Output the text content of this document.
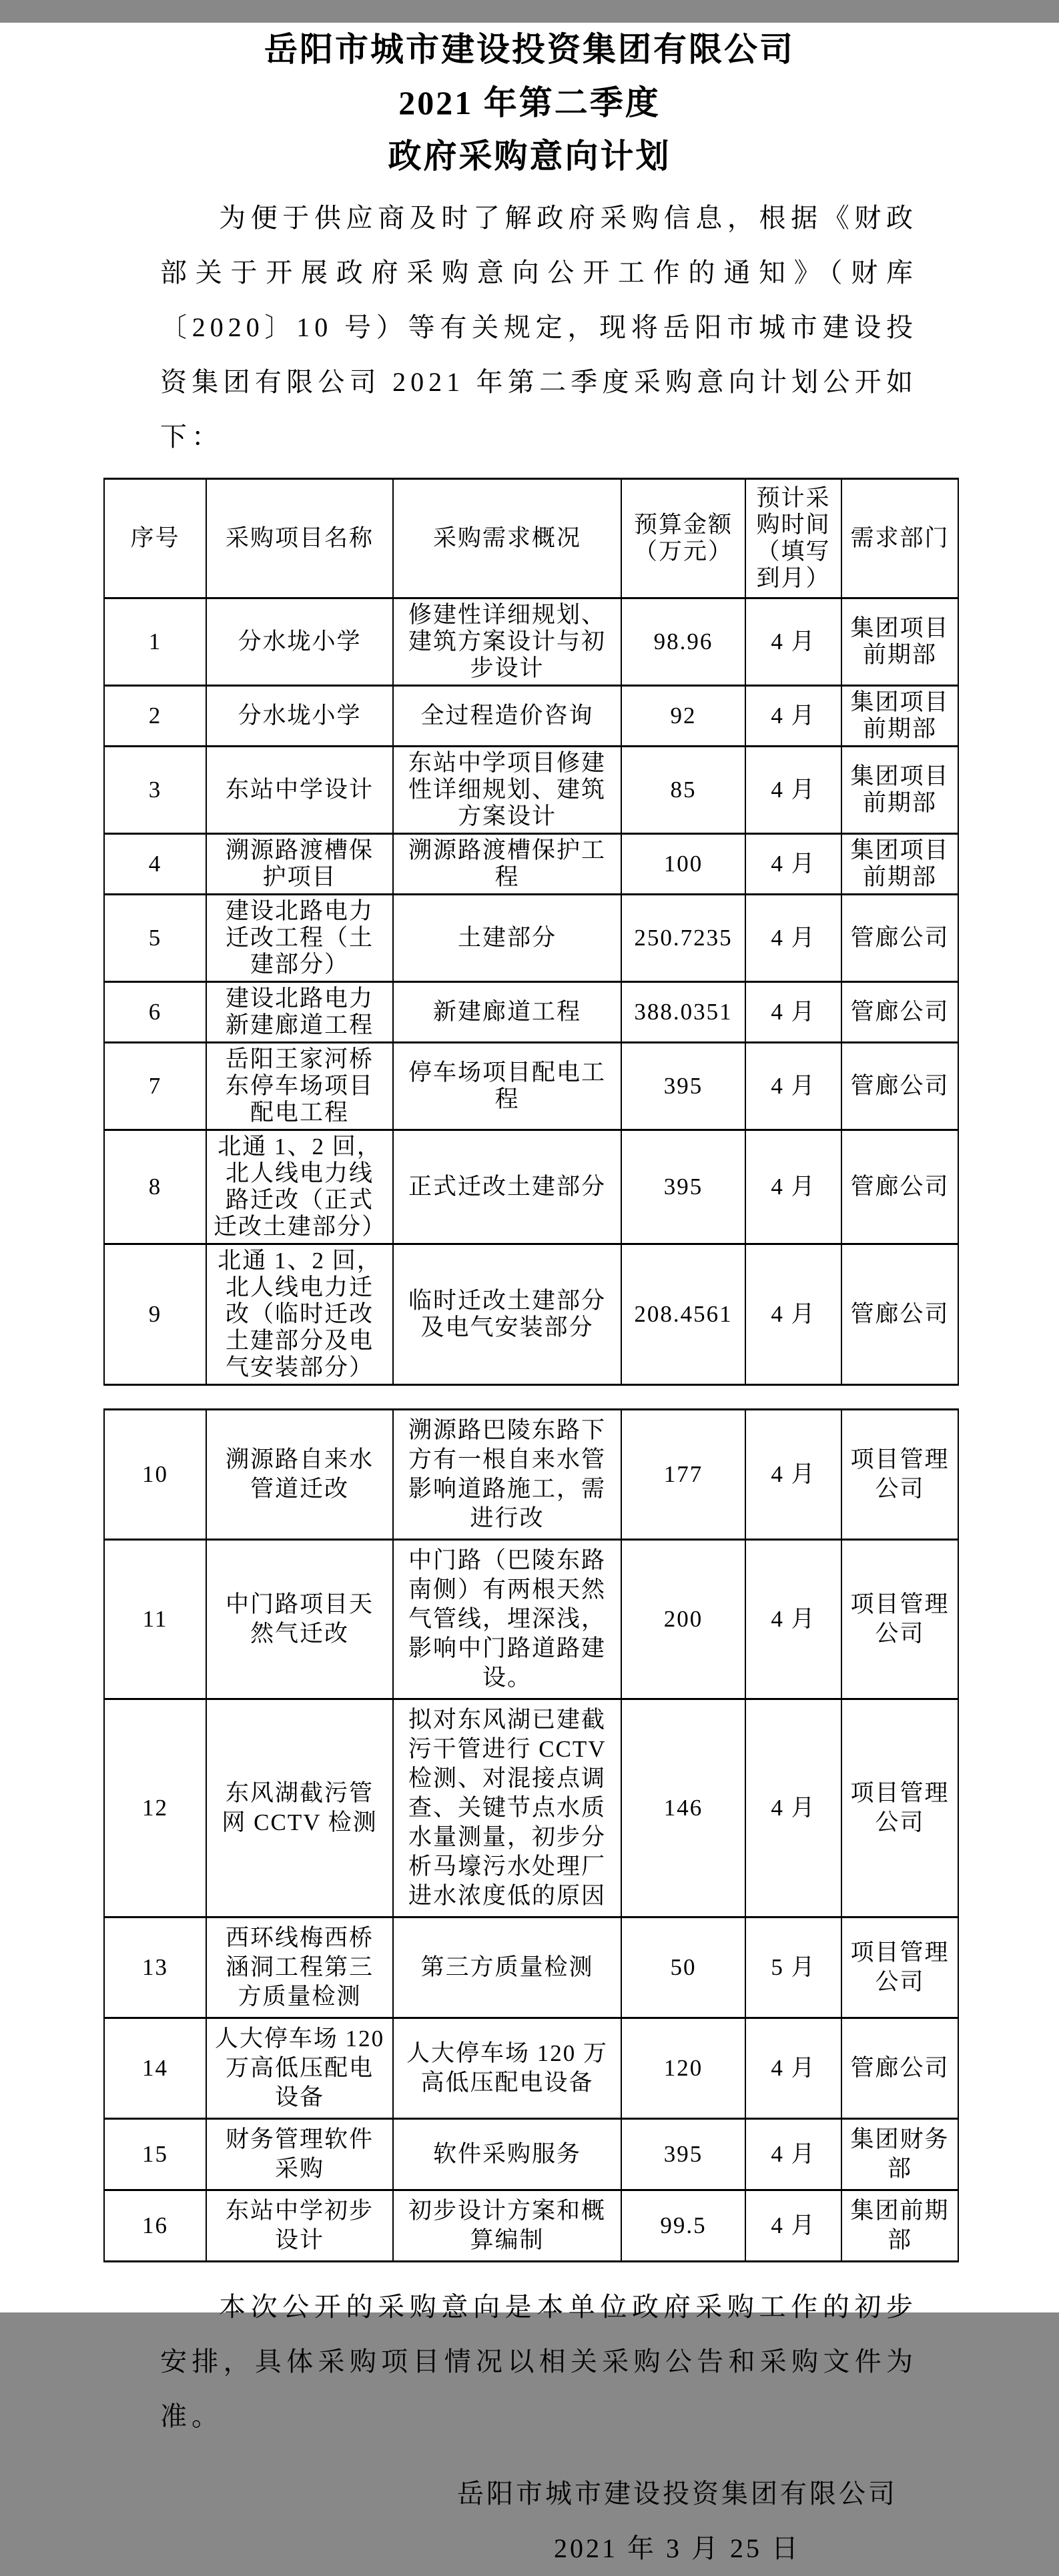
岳阳市城市建设投资集团有限公司
2021 年第二季度
政府采购意向计划
为便于供应商及时了解政府采购信息，根据《财政部关于开展政府采购意向公开工作的通知》（财库〔2020〕10 号）等有关规定，现将岳阳市城市建设投资集团有限公司 2021 年第二季度采购意向计划公开如下：
序号	采购项目名称	采购需求概况	预算金额（万元）	预计采购时间（填写到月）	需求部门
1	分水垅小学	修建性详细规划、建筑方案设计与初步设计	98.96	4 月	集团项目前期部
2	分水垅小学	全过程造价咨询	92	4 月	集团项目前期部
3	东站中学设计	东站中学项目修建性详细规划、建筑方案设计	85	4 月	集团项目前期部
4	溯源路渡槽保护项目	溯源路渡槽保护工程	100	4 月	集团项目前期部
5	建设北路电力迁改工程（土建部分）	土建部分	250.7235	4 月	管廊公司
6	建设北路电力新建廊道工程	新建廊道工程	388.0351	4 月	管廊公司
7	岳阳王家河桥东停车场项目配电工程	停车场项目配电工程	395	4 月	管廊公司
8	北通 1、2 回，北人线电力线路迁改（正式迁改土建部分）	正式迁改土建部分	395	4 月	管廊公司
9	北通 1、2 回，北人线电力迁改（临时迁改土建部分及电气安装部分）	临时迁改土建部分及电气安装部分	208.4561	4 月	管廊公司
10	溯源路自来水管道迁改	溯源路巴陵东路下方有一根自来水管影响道路施工，需进行改	177	4 月	项目管理公司
11	中门路项目天然气迁改	中门路（巴陵东路南侧）有两根天然气管线，埋深浅，影响中门路道路建设。	200	4 月	项目管理公司
12	东风湖截污管网 CCTV 检测	拟对东风湖已建截污干管进行 CCTV 检测、对混接点调查、关键节点水质水量测量，初步分析马壕污水处理厂进水浓度低的原因	146	4 月	项目管理公司
13	西环线梅西桥涵洞工程第三方质量检测	第三方质量检测	50	5 月	项目管理公司
14	人大停车场 120 万高低压配电设备	人大停车场 120 万高低压配电设备	120	4 月	管廊公司
15	财务管理软件采购	软件采购服务	395	4 月	集团财务部
16	东站中学初步设计	初步设计方案和概算编制	99.5	4 月	集团前期部
本次公开的采购意向是本单位政府采购工作的初步安排，具体采购项目情况以相关采购公告和采购文件为准。
岳阳市城市建设投资集团有限公司
2021 年 3 月 25 日
